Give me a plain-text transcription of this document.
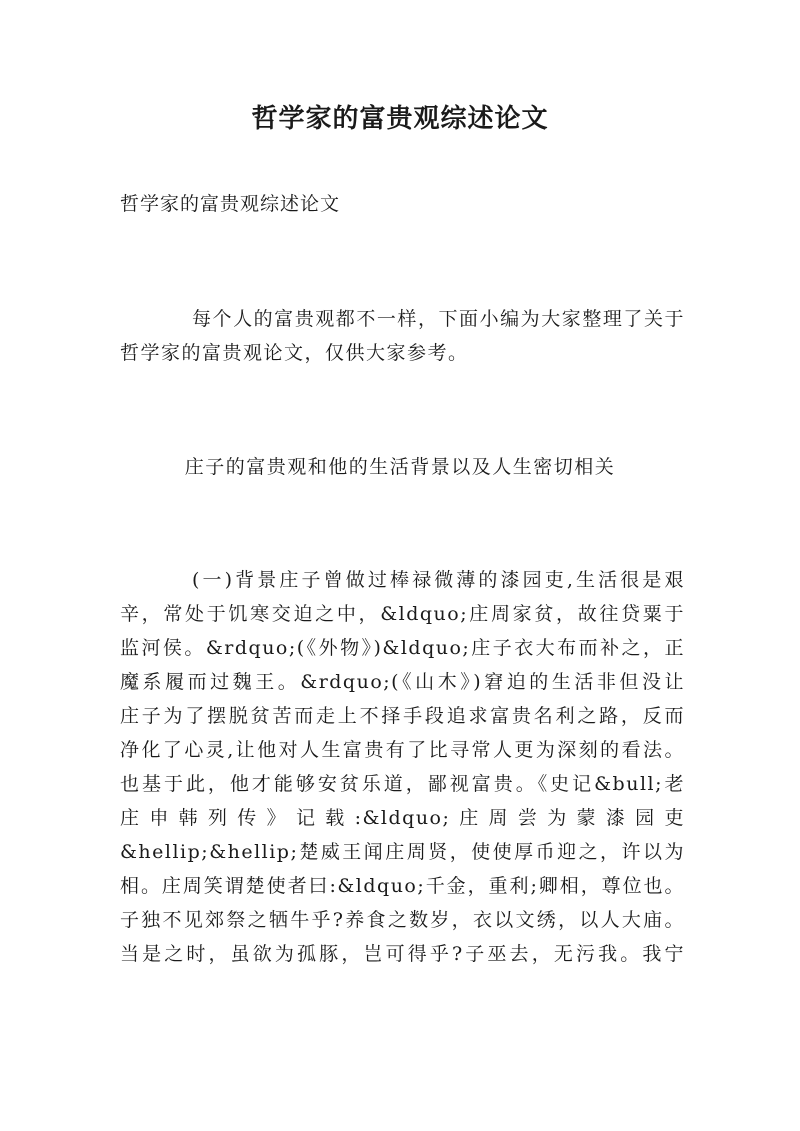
哲学家的富贵观综述论文

哲学家的富贵观综述论文

每个人的富贵观都不一样，下面小编为大家整理了关于哲学家的富贵观论文，仅供大家参考。

庄子的富贵观和他的生活背景以及人生密切相关

(一)背景庄子曾做过棒禄微薄的漆园吏,生活很是艰
辛，常处于饥寒交迫之中，&ldquo;庄周家贫，故往贷粟于
监河侯。&rdquo;(《外物》)&ldquo;庄子衣大布而补之，正
魔系履而过魏王。&rdquo;(《山木》)窘迫的生活非但没让
庄子为了摆脱贫苦而走上不择手段追求富贵名利之路，反而
净化了心灵,让他对人生富贵有了比寻常人更为深刻的看法。
也基于此，他才能够安贫乐道，鄙视富贵。《史记&bull;老
庄申韩列传》记载:&ldquo;庄周尝为蒙漆园吏
&hellip;&hellip;楚威王闻庄周贤，使使厚币迎之，许以为
相。庄周笑谓楚使者曰:&ldquo;千金，重利;卿相，尊位也。
子独不见郊祭之牺牛乎?养食之数岁，衣以文绣，以人大庙。
当是之时，虽欲为孤豚，岂可得乎?子巫去，无污我。我宁
